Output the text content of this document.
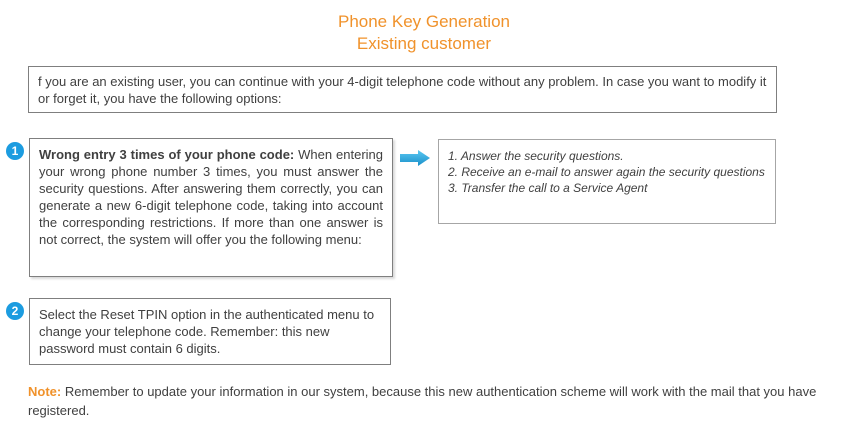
Phone Key Generation
Existing customer
f you are an existing user, you can continue with your 4-digit telephone code without any problem. In case you want to modify it or forget it, you have the following options:
1	Wrong entry 3 times of your phone code: When entering your wrong phone number 3 times, you must answer the security questions. After answering them correctly, you can generate a new 6-digit telephone code, taking into account the corresponding restrictions. If more than one answer is not correct, the system will offer you the following menu:
1. Answer the security questions.
2. Receive an e-mail to answer again the security questions
3. Transfer the call to a Service Agent
2	Select the Reset TPIN option in the authenticated menu to change your telephone code. Remember: this new password must contain 6 digits.
Note: Remember to update your information in our system, because this new authentication scheme will work with the mail that you have registered.
